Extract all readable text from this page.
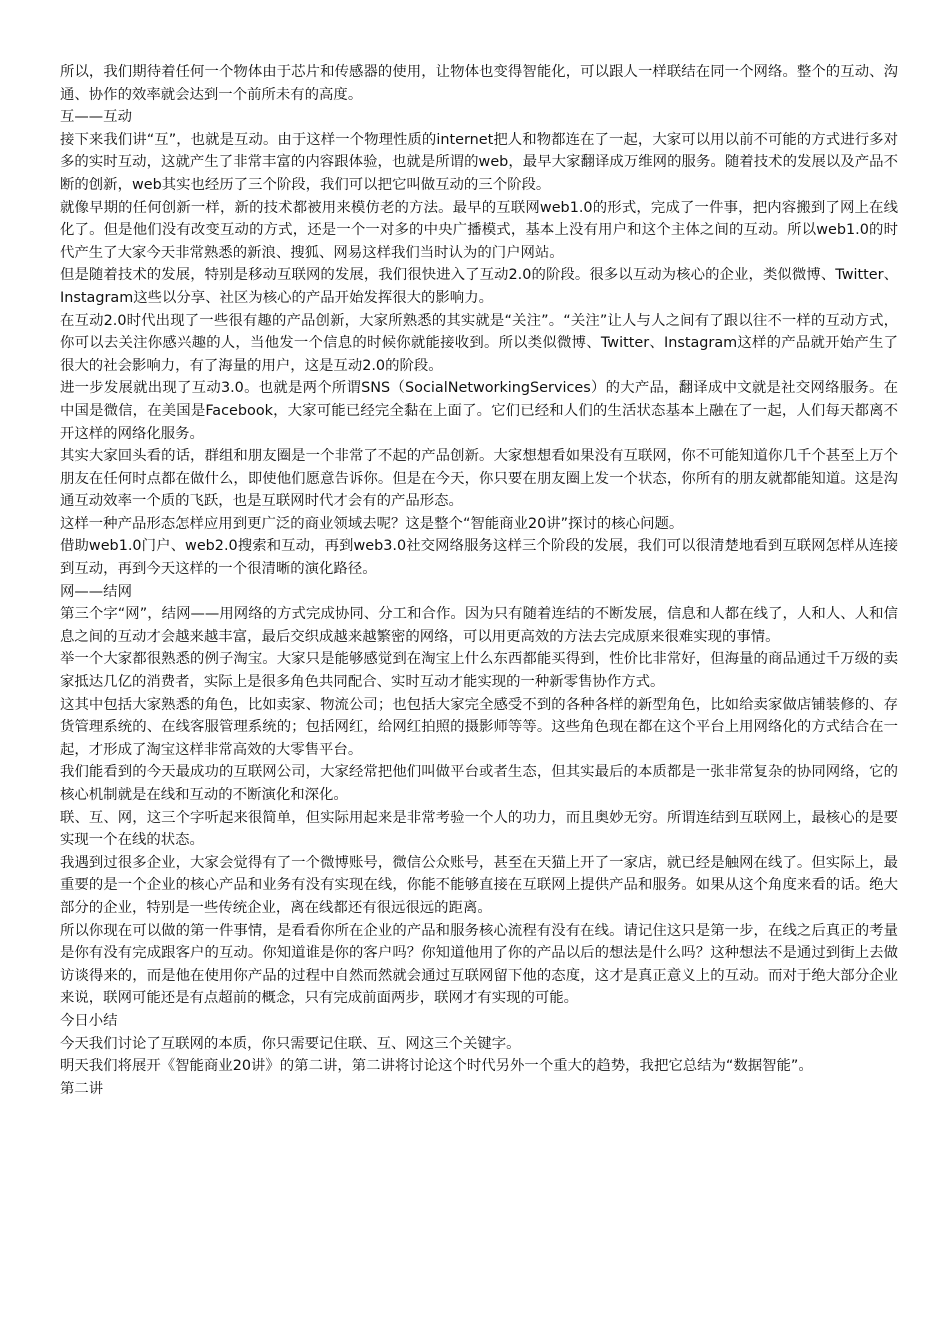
所以，我们期待着任何一个物体由于芯片和传感器的使用，让物体也变得智能化，可以跟人一样联结在同一个网络。整个的互动、沟通、协作的效率就会达到一个前所未有的高度。

互——互动

接下来我们讲“互”，也就是互动。由于这样一个物理性质的internet把人和物都连在了一起，大家可以用以前不可能的方式进行多对多的实时互动，这就产生了非常丰富的内容跟体验，也就是所谓的web，最早大家翻译成万维网的服务。随着技术的发展以及产品不断的创新，web其实也经历了三个阶段，我们可以把它叫做互动的三个阶段。

就像早期的任何创新一样，新的技术都被用来模仿老的方法。最早的互联网web1.0的形式，完成了一件事，把内容搬到了网上在线化了。但是他们没有改变互动的方式，还是一个一对多的中央广播模式，基本上没有用户和这个主体之间的互动。所以web1.0的时代产生了大家今天非常熟悉的新浪、搜狐、网易这样我们当时认为的门户网站。

但是随着技术的发展，特别是移动互联网的发展，我们很快进入了互动2.0的阶段。很多以互动为核心的企业，类似微博、Twitter、Instagram这些以分享、社区为核心的产品开始发挥很大的影响力。

在互动2.0时代出现了一些很有趣的产品创新，大家所熟悉的其实就是“关注”。“关注”让人与人之间有了跟以往不一样的互动方式，你可以去关注你感兴趣的人，当他发一个信息的时候你就能接收到。所以类似微博、Twitter、Instagram这样的产品就开始产生了很大的社会影响力，有了海量的用户，这是互动2.0的阶段。

进一步发展就出现了互动3.0。也就是两个所谓SNS（SocialNetworkingServices）的大产品，翻译成中文就是社交网络服务。在中国是微信，在美国是Facebook，大家可能已经完全黏在上面了。它们已经和人们的生活状态基本上融在了一起，人们每天都离不开这样的网络化服务。

其实大家回头看的话，群组和朋友圈是一个非常了不起的产品创新。大家想想看如果没有互联网，你不可能知道你几千个甚至上万个朋友在任何时点都在做什么，即使他们愿意告诉你。但是在今天，你只要在朋友圈上发一个状态，你所有的朋友就都能知道。这是沟通互动效率一个质的飞跃，也是互联网时代才会有的产品形态。

这样一种产品形态怎样应用到更广泛的商业领域去呢？这是整个“智能商业20讲”探讨的核心问题。

借助web1.0门户、web2.0搜索和互动，再到web3.0社交网络服务这样三个阶段的发展，我们可以很清楚地看到互联网怎样从连接到互动，再到今天这样的一个很清晰的演化路径。

网——结网

第三个字“网”，结网——用网络的方式完成协同、分工和合作。因为只有随着连结的不断发展，信息和人都在线了，人和人、人和信息之间的互动才会越来越丰富，最后交织成越来越繁密的网络，可以用更高效的方法去完成原来很难实现的事情。

举一个大家都很熟悉的例子淘宝。大家只是能够感觉到在淘宝上什么东西都能买得到，性价比非常好，但海量的商品通过千万级的卖家抵达几亿的消费者，实际上是很多角色共同配合、实时互动才能实现的一种新零售协作方式。

这其中包括大家熟悉的角色，比如卖家、物流公司；也包括大家完全感受不到的各种各样的新型角色，比如给卖家做店铺装修的、存货管理系统的、在线客服管理系统的；包括网红，给网红拍照的摄影师等等。这些角色现在都在这个平台上用网络化的方式结合在一起，才形成了淘宝这样非常高效的大零售平台。

我们能看到的今天最成功的互联网公司，大家经常把他们叫做平台或者生态，但其实最后的本质都是一张非常复杂的协同网络，它的核心机制就是在线和互动的不断演化和深化。

联、互、网，这三个字听起来很简单，但实际用起来是非常考验一个人的功力，而且奥妙无穷。所谓连结到互联网上，最核心的是要实现一个在线的状态。

我遇到过很多企业，大家会觉得有了一个微博账号，微信公众账号，甚至在天猫上开了一家店，就已经是触网在线了。但实际上，最重要的是一个企业的核心产品和业务有没有实现在线，你能不能够直接在互联网上提供产品和服务。如果从这个角度来看的话。绝大部分的企业，特别是一些传统企业，离在线都还有很远很远的距离。

所以你现在可以做的第一件事情，是看看你所在企业的产品和服务核心流程有没有在线。请记住这只是第一步，在线之后真正的考量是你有没有完成跟客户的互动。你知道谁是你的客户吗？你知道他用了你的产品以后的想法是什么吗？这种想法不是通过到街上去做访谈得来的，而是他在使用你产品的过程中自然而然就会通过互联网留下他的态度，这才是真正意义上的互动。而对于绝大部分企业来说，联网可能还是有点超前的概念，只有完成前面两步，联网才有实现的可能。

今日小结

今天我们讨论了互联网的本质，你只需要记住联、互、网这三个关键字。

明天我们将展开《智能商业20讲》的第二讲，第二讲将讨论这个时代另外一个重大的趋势，我把它总结为“数据智能”。

第二讲
